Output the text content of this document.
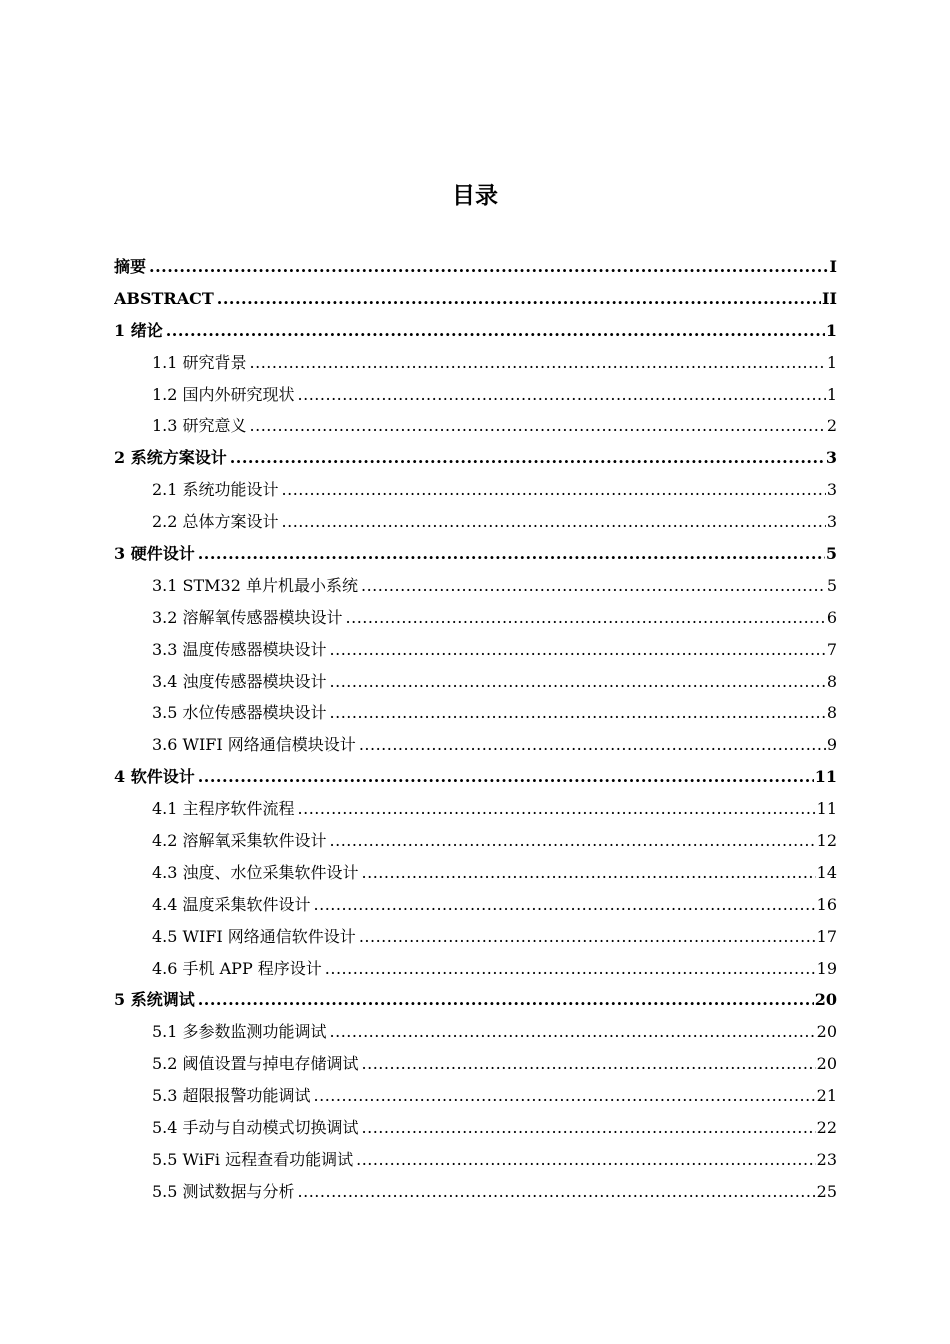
目录
摘要 .....	I
ABSTRACT .....	II
1 绪论 .....	1
1.1 研究背景 .....	1
1.2 国内外研究现状 .....	1
1.3 研究意义 .....	2
2 系统方案设计 .....	3
2.1 系统功能设计 .....	3
2.2 总体方案设计 .....	3
3 硬件设计 .....	5
3.1 STM32 单片机最小系统 .....	5
3.2 溶解氧传感器模块设计 .....	6
3.3 温度传感器模块设计 .....	7
3.4 浊度传感器模块设计 .....	8
3.5 水位传感器模块设计 .....	8
3.6 WIFI 网络通信模块设计 .....	9
4 软件设计 .....	11
4.1 主程序软件流程 .....	11
4.2 溶解氧采集软件设计 .....	12
4.3 浊度、水位采集软件设计 .....	14
4.4 温度采集软件设计 .....	16
4.5 WIFI 网络通信软件设计 .....	17
4.6 手机 APP 程序设计 .....	19
5 系统调试 .....	20
5.1 多参数监测功能调试 .....	20
5.2 阈值设置与掉电存储调试 .....	20
5.3 超限报警功能调试 .....	21
5.4 手动与自动模式切换调试 .....	22
5.5 WiFi 远程查看功能调试 .....	23
5.5 测试数据与分析 .....	25
